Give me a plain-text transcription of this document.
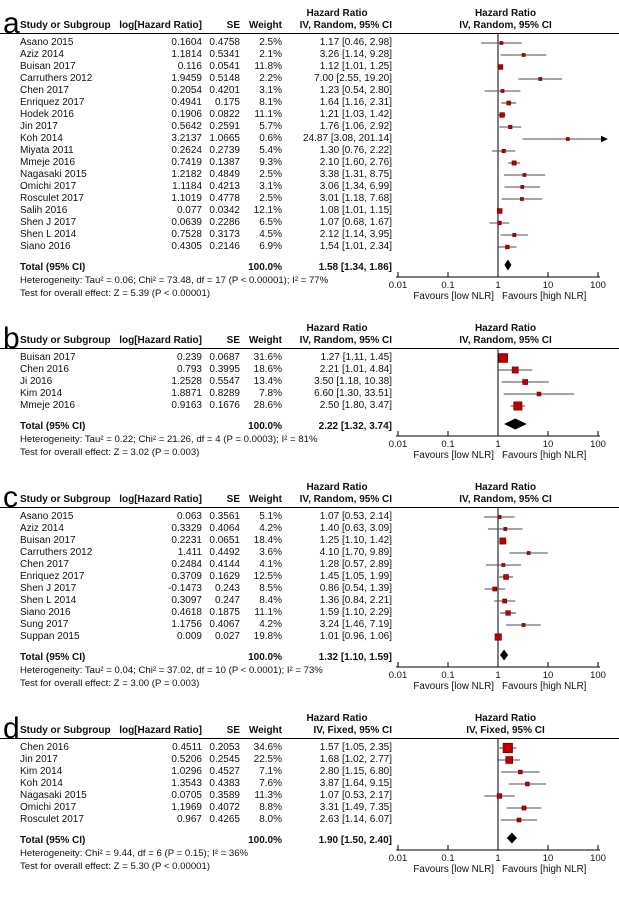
a	Hazard Ratio	Hazard Ratio
Study or Subgroup log[Hazard Ratio]	SE Weight	IV, Random, 95% CI	IV, Random, 95% CI
Asano 2015	0.1604 0.4758	2.5%	1.17 [0.46, 2.98]
Aziz 2014	1.1814 0.5341	2.1%	3.26 [1.14, 9.28]
Buisan 2017	0.116 0.0541	11.8%	1.12 [1.01, 1.25]
Carruthers 2012	1.9459 0.5148	2.2%	7.00 [2.55, 19.20]
Chen 2017	0.2054 0.4201	3.1%	1.23 [0.54, 2.80]
Enriquez 2017	0.4941	0.175	8.1%	1.64 [1.16, 2.31]
Hodek 2016	0.1906 0.0822	11.1%	1.21 [1.03, 1.42]
Jin 2017	0.5642 0.2591	5.7%	1.76 [1.06, 2.92]
Koh 2014	3.2137 1.0665	0.6%	24.87 [3.08, 201.14]
Miyata 2011	0.2624 0.2739	5.4%	1.30 [0.76, 2.22]
Mmeje 2016	0.7419 0.1387	9.3%	2.10 [1.60, 2.76]
Nagasaki 2015	1.2182 0.4849	2.5%	3.38 [1.31, 8.75]
Omichi 2017	1.1184 0.4213	3.1%	3.06 [1.34, 6.99]
Rosculet 2017	1.1019 0.4778	2.5%	3.01 [1.18, 7.68]
Salih 2016	0.077 0.0342	12.1%	1.08 [1.01, 1.15]
Shen J 2017	0.0639 0.2286	6.5%	1.07 [0.68, 1.67]
Shen L 2014	0.7528 0.3173	4.5%	2.12 [1.14, 3.95]
Siano 2016	0.4305 0.2146	6.9%	1.54 [1.01, 2.34]
Total (95% CI)	100.0%	1.58 [1.34, 1.86]
Heterogeneity: Tau² = 0.06; Chi² = 73.48, df = 17 (P < 0.00001); I² = 77%
Test for overall effect: Z = 5.39 (P < 0.00001)
0.01	0.1	1	10	100
Favours [low NLR] Favours [high NLR]
b	Hazard Ratio	Hazard Ratio
Study or Subgroup log[Hazard Ratio]	SE Weight	IV, Random, 95% CI	IV, Random, 95% CI
Buisan 2017	0.239 0.0687	31.6%	1.27 [1.11, 1.45]
Chen 2016	0.793 0.3995	18.6%	2.21 [1.01, 4.84]
Ji 2016	1.2528 0.5547	13.4%	3.50 [1.18, 10.38]
Kim 2014	1.8871 0.8289	7.8%	6.60 [1.30, 33.51]
Mmeje 2016	0.9163 0.1676	28.6%	2.50 [1.80, 3.47]
Total (95% CI)	100.0%	2.22 [1.32, 3.74]
Heterogeneity: Tau² = 0.22; Chi² = 21.26, df = 4 (P = 0.0003); I² = 81%
Test for overall effect: Z = 3.02 (P = 0.003)
0.01	0.1	1	10	100
Favours [low NLR] Favours [high NLR]
c	Hazard Ratio	Hazard Ratio
Study or Subgroup log[Hazard Ratio]	SE Weight	IV, Random, 95% CI	IV, Random, 95% CI
Asano 2015	0.063 0.3561	5.1%	1.07 [0.53, 2.14]
Aziz 2014	0.3329 0.4064	4.2%	1.40 [0.63, 3.09]
Buisan 2017	0.2231 0.0651	18.4%	1.25 [1.10, 1.42]
Carruthers 2012	1.411 0.4492	3.6%	4.10 [1.70, 9.89]
Chen 2017	0.2484 0.4144	4.1%	1.28 [0.57, 2.89]
Enriquez 2017	0.3709 0.1629	12.5%	1.45 [1.05, 1.99]
Shen J 2017	-0.1473	0.243	8.5%	0.86 [0.54, 1.39]
Shen L 2014	0.3097	0.247	8.4%	1.36 [0.84, 2.21]
Siano 2016	0.4618 0.1875	11.1%	1.59 [1.10, 2.29]
Sung 2017	1.1756 0.4067	4.2%	3.24 [1.46, 7.19]
Suppan 2015	0.009	0.027	19.8%	1.01 [0.96, 1.06]
Total (95% CI)	100.0%	1.32 [1.10, 1.59]
Heterogeneity: Tau² = 0.04; Chi² = 37.02, df = 10 (P < 0.0001); I² = 73%
Test for overall effect: Z = 3.00 (P = 0.003)
0.01	0.1	1	10	100
Favours [low NLR] Favours [high NLR]
d	Hazard Ratio	Hazard Ratio
Study or Subgroup log[Hazard Ratio]	SE Weight	IV, Fixed, 95% CI	IV, Fixed, 95% CI
Chen 2016	0.4511 0.2053	34.6%	1.57 [1.05, 2.35]
Jin 2017	0.5206 0.2545	22.5%	1.68 [1.02, 2.77]
Kim 2014	1.0296 0.4527	7.1%	2.80 [1.15, 6.80]
Koh 2014	1.3543 0.4383	7.6%	3.87 [1.64, 9.15]
Nagasaki 2015	0.0705 0.3589	11.3%	1.07 [0.53, 2.17]
Omichi 2017	1.1969 0.4072	8.8%	3.31 [1.49, 7.35]
Rosculet 2017	0.967 0.4265	8.0%	2.63 [1.14, 6.07]
Total (95% CI)	100.0%	1.90 [1.50, 2.40]
Heterogeneity: Chi² = 9.44, df = 6 (P = 0.15); I² = 36%
Test for overall effect: Z = 5.30 (P < 0.00001)
0.01	0.1	1	10	100
Favours [low NLR] Favours [high NLR]
